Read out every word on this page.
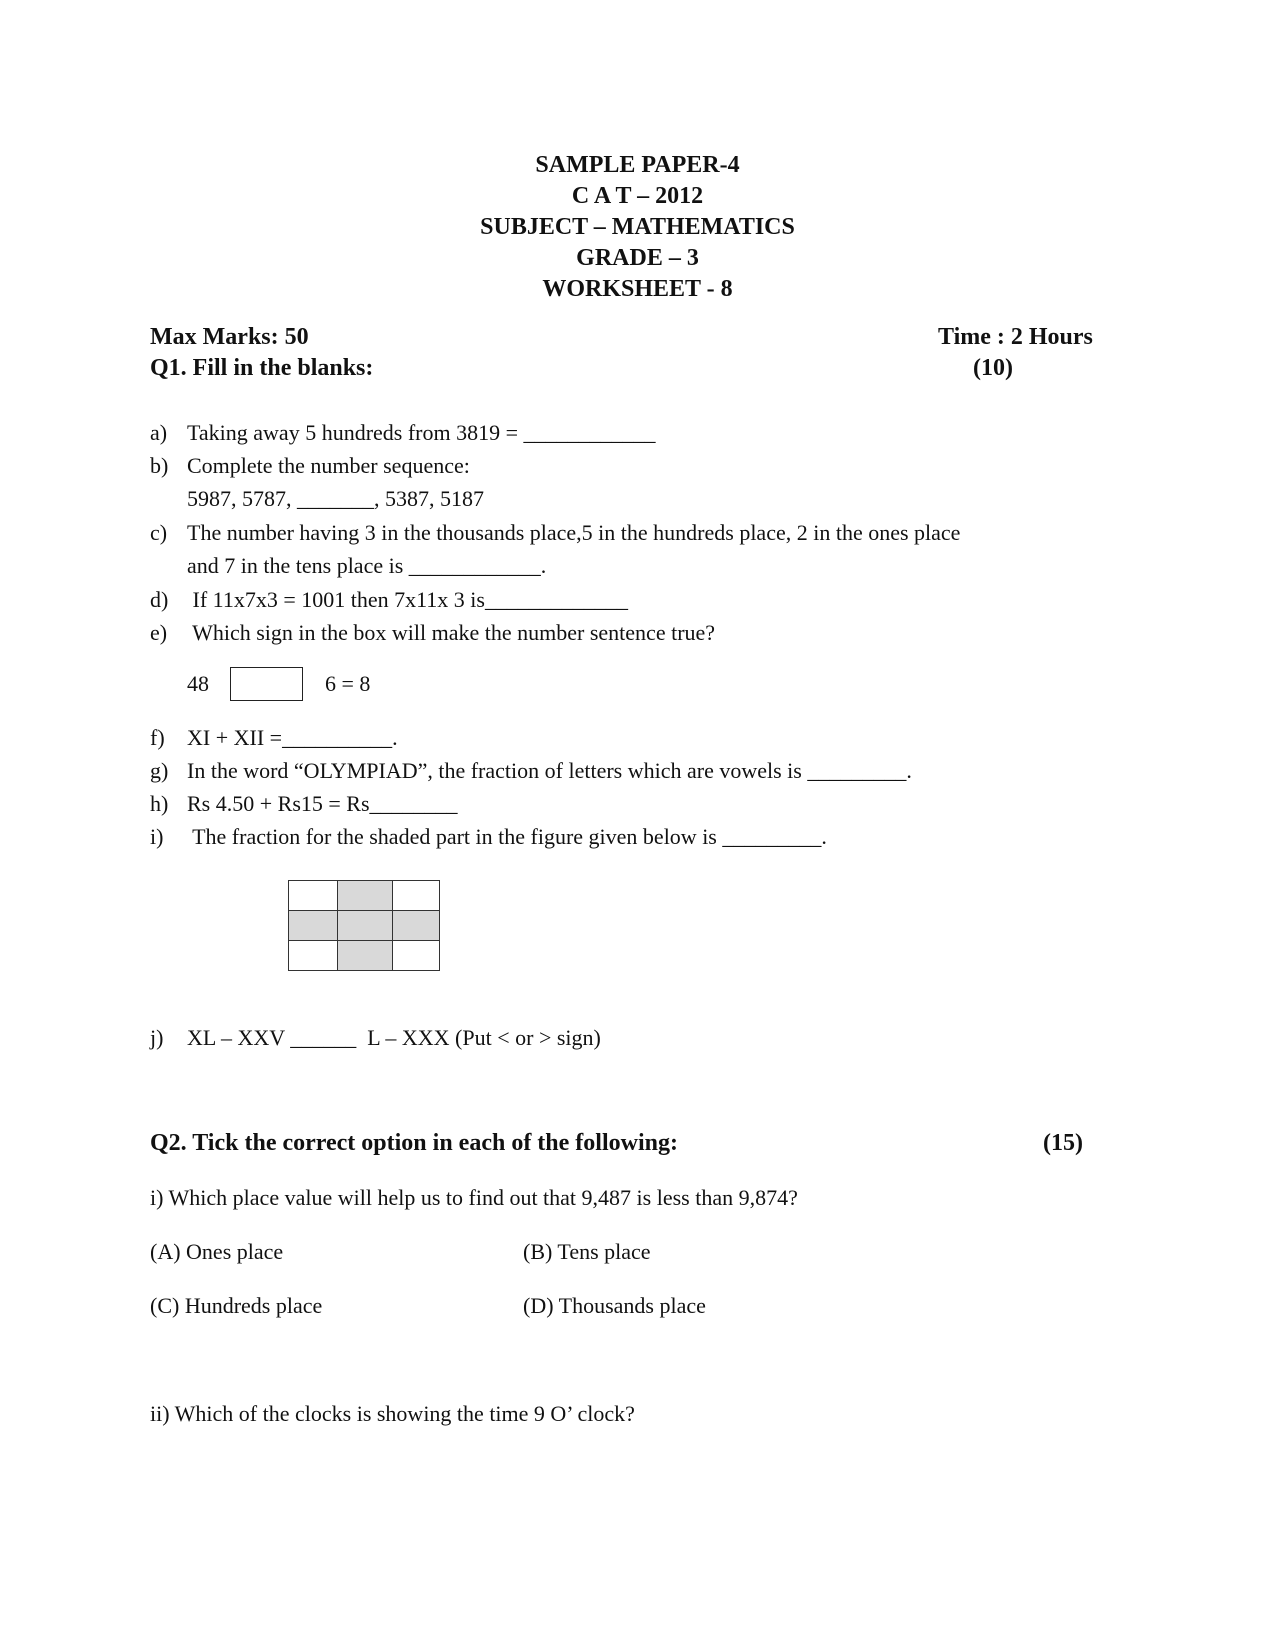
SAMPLE PAPER-4
C A T – 2012
SUBJECT – MATHEMATICS
GRADE – 3
WORKSHEET - 8
Max Marks: 50	Time : 2 Hours
Q1. Fill in the blanks:	(10)
a) Taking away 5 hundreds from 3819 = ____________
b) Complete the number sequence:
5987, 5787, _______, 5387, 5187
c) The number having 3 in the thousands place,5 in the hundreds place, 2 in the ones place
and 7 in the tens place is ____________.
d) If 11x7x3 = 1001 then 7x11x 3 is_____________
e) Which sign in the box will make the number sentence true?
48	6 = 8
f) XI + XII =__________.
g) In the word “OLYMPIAD”, the fraction of letters which are vowels is _________.
h) Rs 4.50 + Rs15 = Rs________
i) The fraction for the shaded part in the figure given below is _________.

j) XL – XXV ______  L – XXX (Put < or > sign)
Q2. Tick the correct option in each of the following:	(15)
i) Which place value will help us to find out that 9,487 is less than 9,874?
(A) Ones place	(B) Tens place
(C) Hundreds place	(D) Thousands place
ii) Which of the clocks is showing the time 9 O’ clock?
